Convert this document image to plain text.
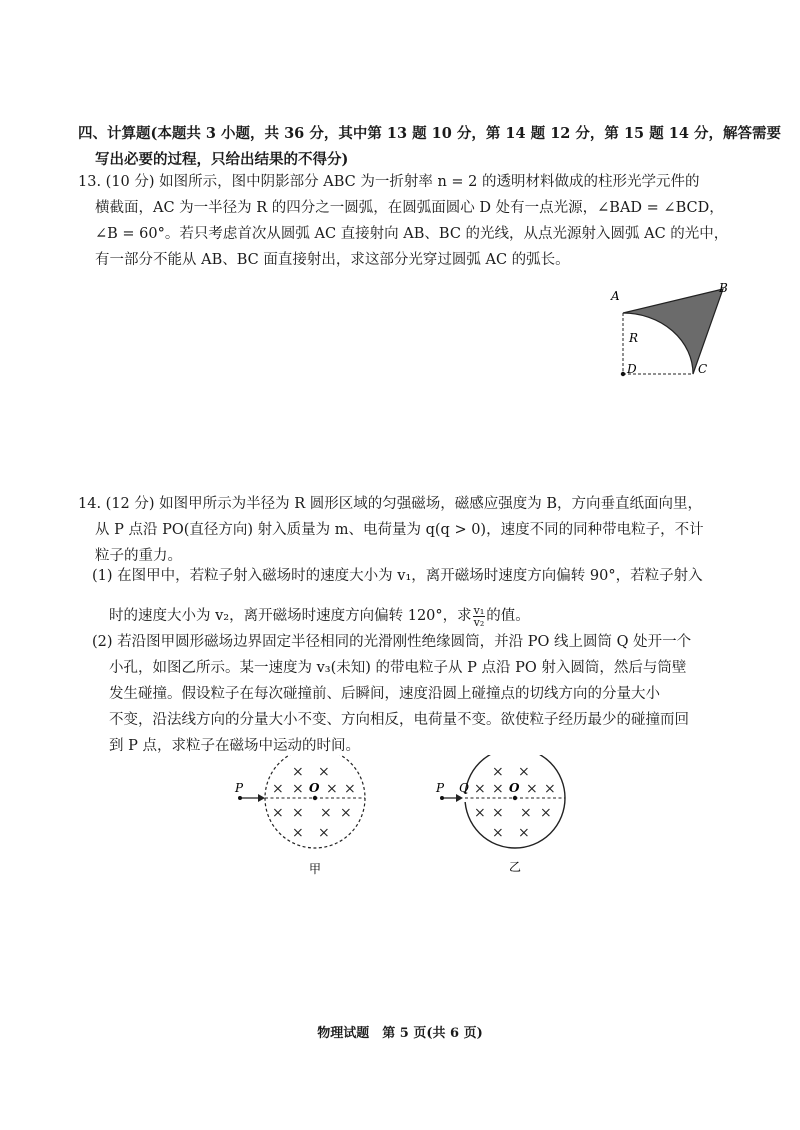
四、计算题(本题共 3 小题，共 36 分，其中第 13 题 10 分，第 14 题 12 分，第 15 题 14 分，解答需要
写出必要的过程，只给出结果的不得分)
13. (10 分) 如图所示，图中阴影部分 ABC 为一折射率 n = 2 的透明材料做成的柱形光学元件的
横截面，AC 为一半径为 R 的四分之一圆弧，在圆弧面圆心 D 处有一点光源，∠BAD = ∠BCD，
∠B = 60°。若只考虑首次从圆弧 AC 直接射向 AB、BC 的光线，从点光源射入圆弧 AC 的光中，
有一部分不能从 AB、BC 面直接射出，求这部分光穿过圆弧 AC 的弧长。
A
B
C
D
R
14. (12 分) 如图甲所示为半径为 R 圆形区域的匀强磁场，磁感应强度为 B，方向垂直纸面向里，
从 P 点沿 PO(直径方向) 射入质量为 m、电荷量为 q(q > 0)，速度不同的同种带电粒子，不计
粒子的重力。
(1) 在图甲中，若粒子射入磁场时的速度大小为 v₁，离开磁场时速度方向偏转 90°，若粒子射入
时的速度大小为 v₂，离开磁场时速度方向偏转 120°，求 $\frac{\text{v₁}}{\text{v₂}}$ 的值。
(2) 若沿图甲圆形磁场边界固定半径相同的光滑刚性绝缘圆筒，并沿 PO 线上圆筒 Q 处开一个
小孔，如图乙所示。某一速度为 v₃(未知) 的带电粒子从 P 点沿 PO 射入圆筒，然后与筒壁
发生碰撞。假设粒子在每次碰撞前、后瞬间，速度沿圆上碰撞点的切线方向的分量大小
不变，沿法线方向的分量大小不变、方向相反，电荷量不变。欲使粒子经历最少的碰撞而回
到 P 点，求粒子在磁场中运动的时间。
× ×
× × × ×
× × × ×
× ×
P	O
甲
× ×
× × × ×
× × × ×
× ×
P Q	O
乙
物理试题　第 5 页(共 6 页)
